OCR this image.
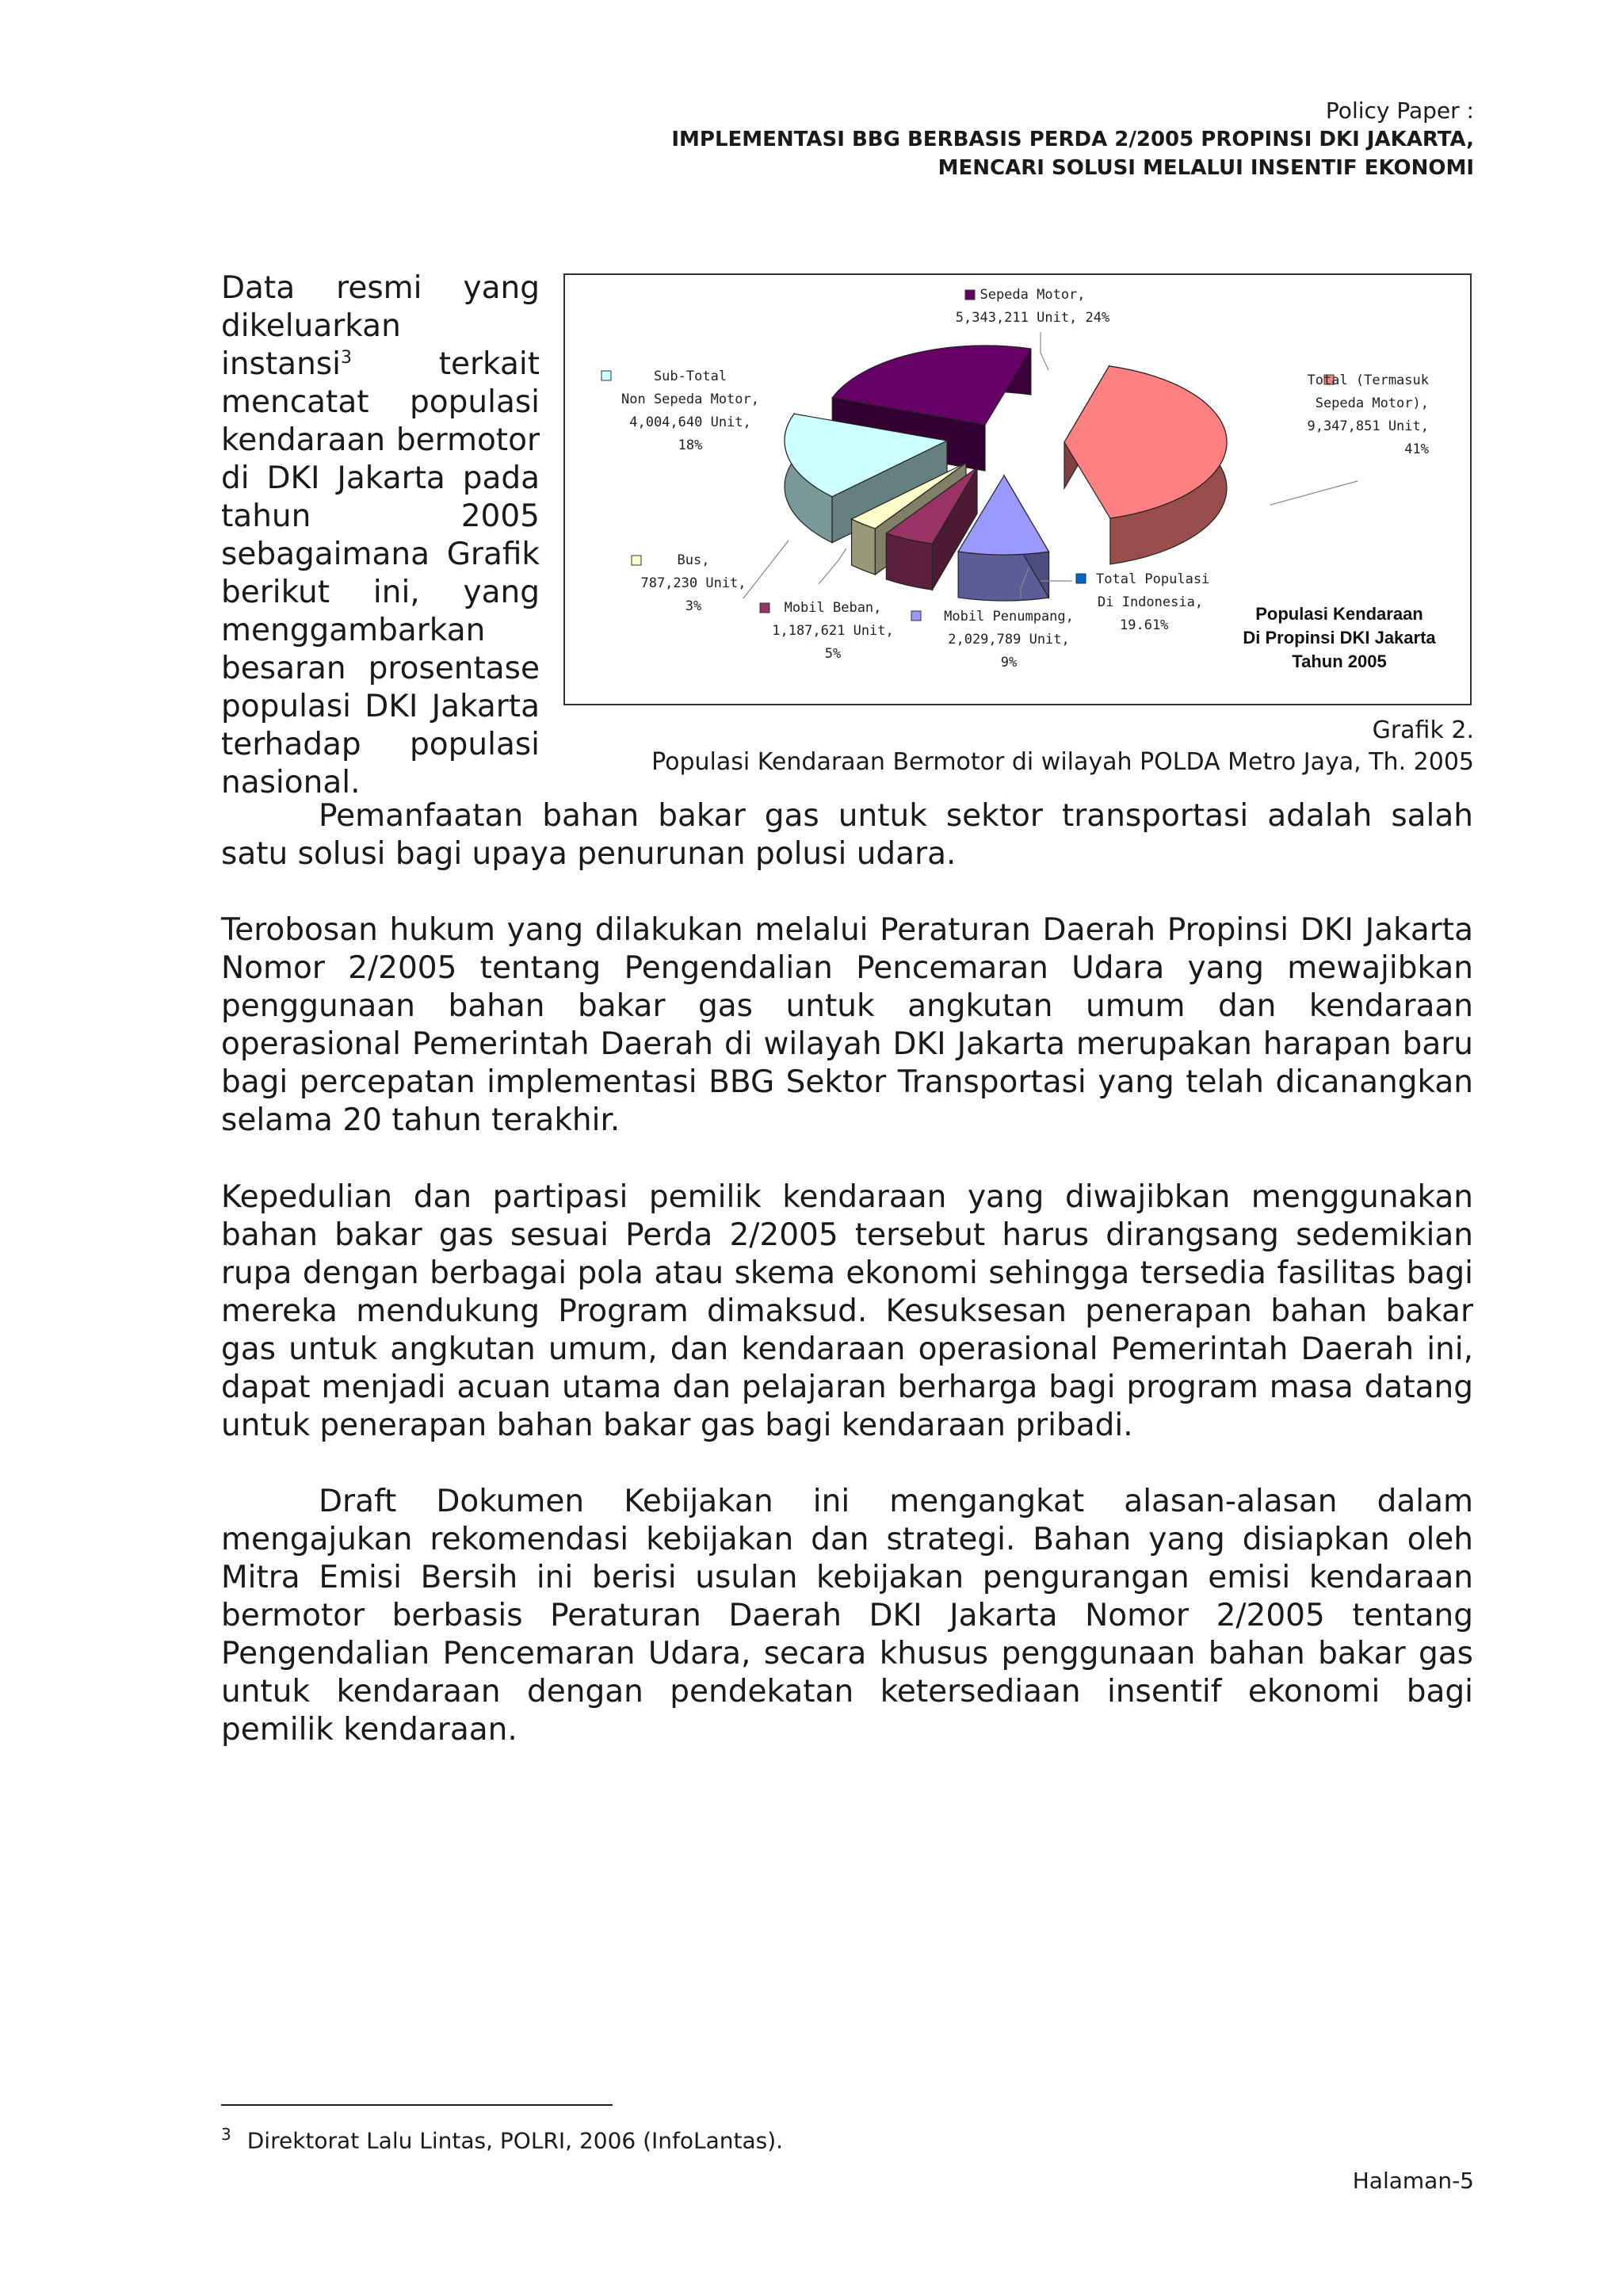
Policy Paper :
IMPLEMENTASI BBG BERBASIS PERDA 2/2005 PROPINSI DKI JAKARTA,
MENCARI SOLUSI MELALUI INSENTIF EKONOMI
Data resmi yang dikeluarkan instansi$^3$ terkait mencatat populasi kendaraan bermotor di DKI Jakarta pada tahun 2005 sebagaimana Grafik berikut ini, yang menggambarkan besaran prosentase populasi DKI Jakarta terhadap populasi nasional.
Sepeda Motor, 5,343,211 Unit, 24%
Total (Termasuk Sepeda Motor), 9,347,851 Unit, 41%
Mobil Penumpang, 2,029,789 Unit, 9%
Mobil Beban, 1,187,621 Unit, 5%
Bus, 787,230 Unit, 3%
Sub-Total Non Sepeda Motor, 4,004,640 Unit, 18%
Total Populasi Di Indonesia, 19.61%
Populasi Kendaraan Di Propinsi DKI Jakarta Tahun 2005
Grafik 2.
Populasi Kendaraan Bermotor di wilayah POLDA Metro Jaya, Th. 2005
Pemanfaatan bahan bakar gas untuk sektor transportasi adalah salah satu solusi bagi upaya penurunan polusi udara.
Terobosan hukum yang dilakukan melalui Peraturan Daerah Propinsi DKI Jakarta Nomor 2/2005 tentang Pengendalian Pencemaran Udara yang mewajibkan penggunaan bahan bakar gas untuk angkutan umum dan kendaraan operasional Pemerintah Daerah di wilayah DKI Jakarta merupakan harapan baru bagi percepatan implementasi BBG Sektor Transportasi yang telah dicanangkan selama 20 tahun terakhir.
Kepedulian dan partipasi pemilik kendaraan yang diwajibkan menggunakan bahan bakar gas sesuai Perda 2/2005 tersebut harus dirangsang sedemikian rupa dengan berbagai pola atau skema ekonomi sehingga tersedia fasilitas bagi mereka mendukung Program dimaksud. Kesuksesan penerapan bahan bakar gas untuk angkutan umum, dan kendaraan operasional Pemerintah Daerah ini, dapat menjadi acuan utama dan pelajaran berharga bagi program masa datang untuk penerapan bahan bakar gas bagi kendaraan pribadi.
Draft Dokumen Kebijakan ini mengangkat alasan-alasan dalam mengajukan rekomendasi kebijakan dan strategi. Bahan yang disiapkan oleh Mitra Emisi Bersih ini berisi usulan kebijakan pengurangan emisi kendaraan bermotor berbasis Peraturan Daerah DKI Jakarta Nomor 2/2005 tentang Pengendalian Pencemaran Udara, secara khusus penggunaan bahan bakar gas untuk kendaraan dengan pendekatan ketersediaan insentif ekonomi bagi pemilik kendaraan.
$^3$ Direktorat Lalu Lintas, POLRI, 2006 (InfoLantas).
Halaman-5
